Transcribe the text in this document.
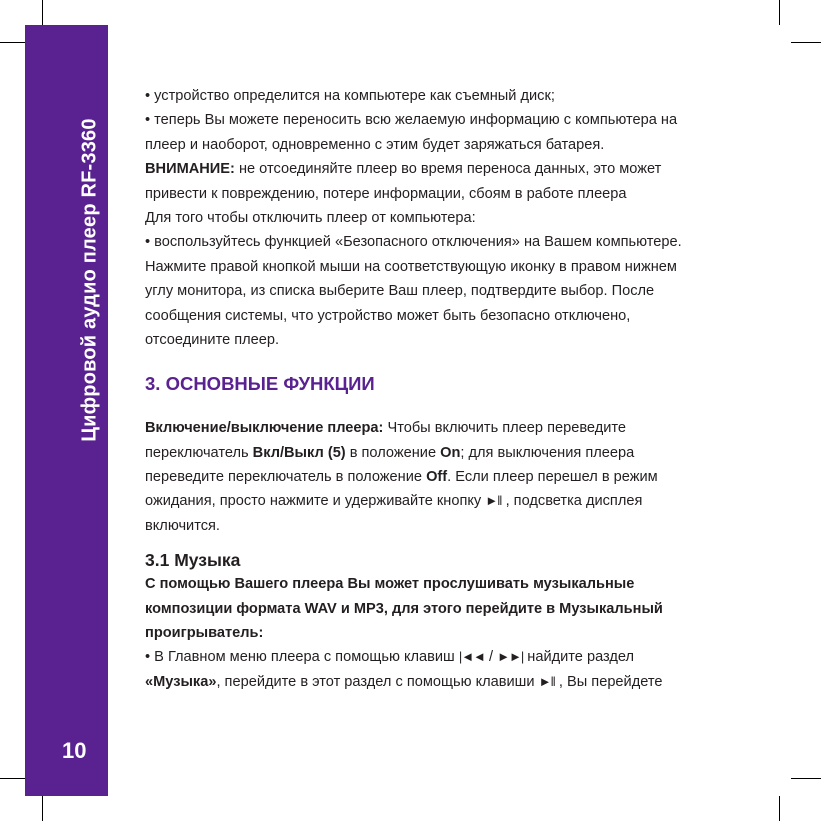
Цифровой аудио плеер RF-3360
10
• устройство определится на компьютере как съемный диск;
• теперь Вы можете переносить всю желаемую информацию с компьютера на
плеер и наоборот, одновременно с этим будет заряжаться батарея.
ВНИМАНИЕ: не отсоединяйте плеер во время переноса данных, это может
привести к повреждению, потере информации, сбоям в работе плеера
Для того чтобы отключить плеер от компьютера:
• воспользуйтесь функцией «Безопасного отключения» на Вашем компьютере.
Нажмите правой кнопкой мыши на соответствующую иконку в правом нижнем
углу монитора, из списка выберите Ваш плеер, подтвердите выбор. После
сообщения системы, что устройство может быть безопасно отключено,
отсоедините плеер.
3. ОСНОВНЫЕ ФУНКЦИИ
Включение/выключение плеера: Чтобы включить плеер переведите
переключатель Вкл/Выкл (5) в положение On; для выключения плеера
переведите переключатель в положение Off. Если плеер перешел в режим
ожидания, просто нажмите и удерживайте кнопку ►‖ , подсветка дисплея
включится.
3.1 Музыка
С помощью Вашего плеера Вы может прослушивать музыкальные
композиции формата WAV и MP3, для этого перейдите в Музыкальный
проигрыватель:
• В Главном меню плеера с помощью клавиш |◄◄ / ►►| найдите раздел
«Музыка», перейдите в этот раздел с помощью клавиши ►‖ , Вы перейдете
